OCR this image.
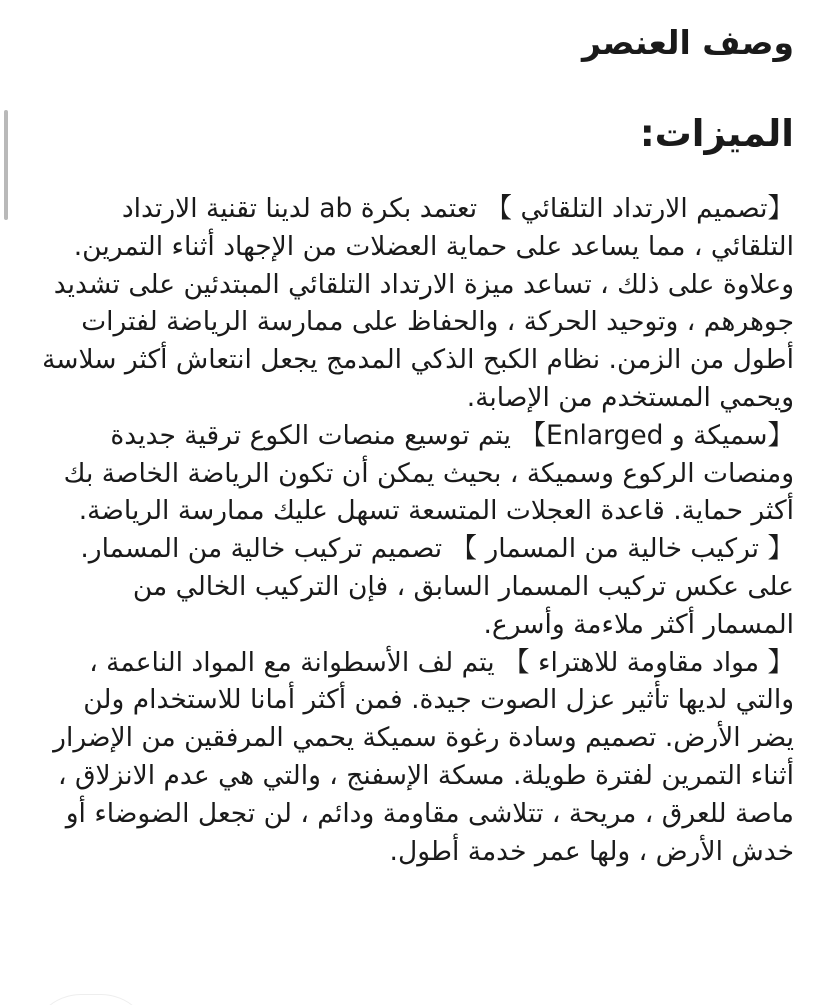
وصف العنصر
الميزات:
【تصميم الارتداد التلقائي 】 تعتمد بكرة ab لدينا تقنية الارتداد التلقائي ، مما يساعد على حماية العضلات من الإجهاد أثناء التمرين. وعلاوة على ذلك ، تساعد ميزة الارتداد التلقائي المبتدئين على تشديد جوهرهم ، وتوحيد الحركة ، والحفاظ على ممارسة الرياضة لفترات أطول من الزمن. نظام الكبح الذكي المدمج يجعل انتعاش أكثر سلاسة ويحمي المستخدم من الإصابة.
【سميكة و Enlarged】 يتم توسيع منصات الكوع ترقية جديدة ومنصات الركوع وسميكة ، بحيث يمكن أن تكون الرياضة الخاصة بك أكثر حماية. قاعدة العجلات المتسعة تسهل عليك ممارسة الرياضة.
【 تركيب خالية من المسمار 】 تصميم تركيب خالية من المسمار. على عكس تركيب المسمار السابق ، فإن التركيب الخالي من المسمار أكثر ملاءمة وأسرع.
【 مواد مقاومة للاهتراء 】 يتم لف الأسطوانة مع المواد الناعمة ، والتي لديها تأثير عزل الصوت جيدة. فمن أكثر أمانا للاستخدام ولن يضر الأرض. تصميم وسادة رغوة سميكة يحمي المرفقين من الإضرار أثناء التمرين لفترة طويلة. مسكة الإسفنج ، والتي هي عدم الانزلاق ، ماصة للعرق ، مريحة ، تتلاشى مقاومة ودائم ، لن تجعل الضوضاء أو خدش الأرض ، ولها عمر خدمة أطول.
